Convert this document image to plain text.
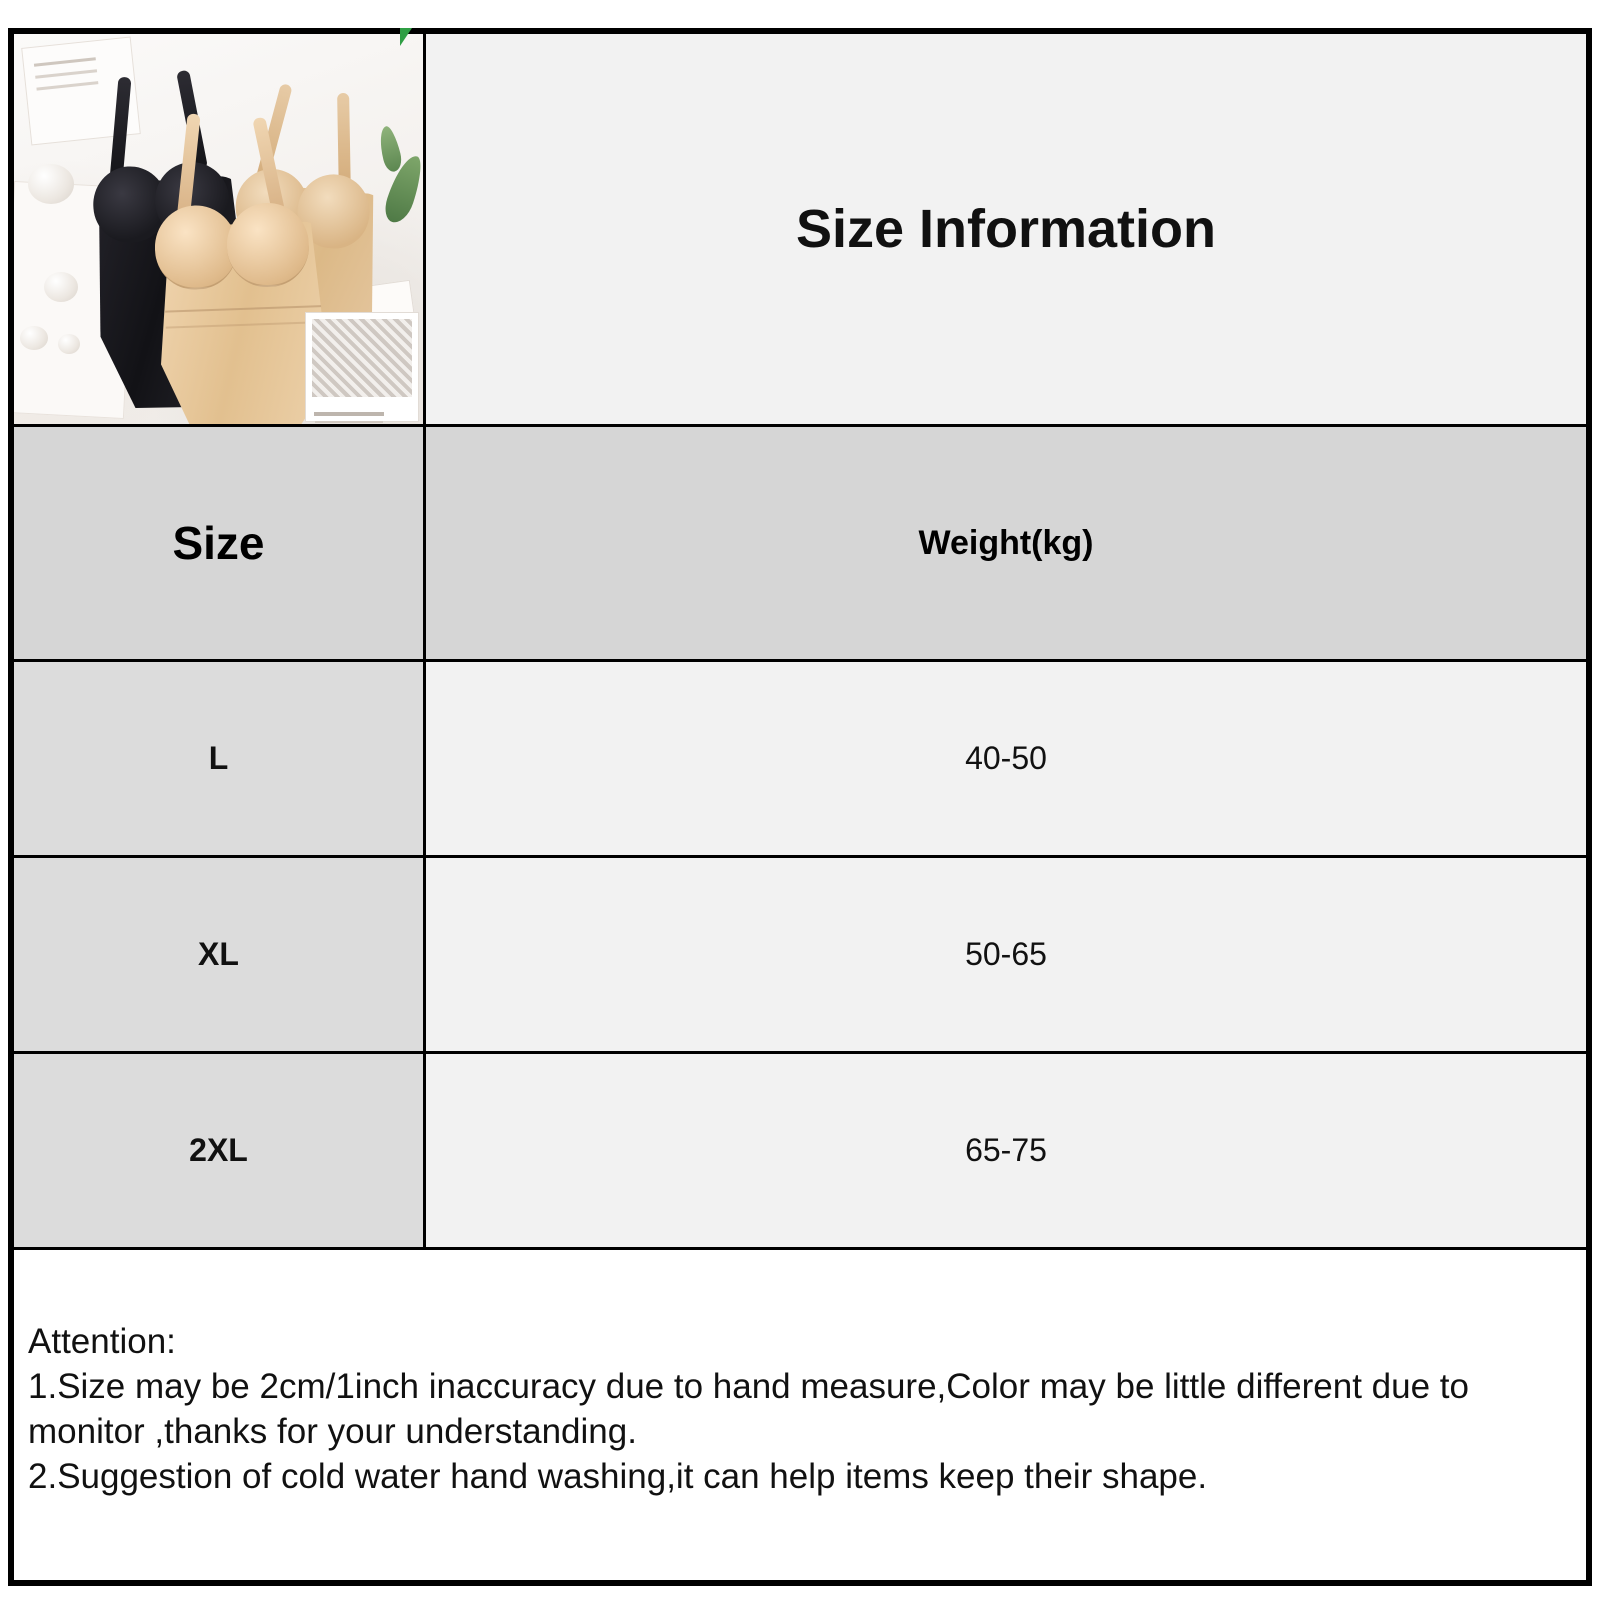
	Size Information
Size	Weight(kg)
L	40-50
XL	50-65
2XL	65-75

Attention:
1.Size may be 2cm/1inch inaccuracy due to hand measure,Color may be little different due to monitor ,thanks for your understanding.
2.Suggestion of cold water hand washing,it can help items keep their shape.	
